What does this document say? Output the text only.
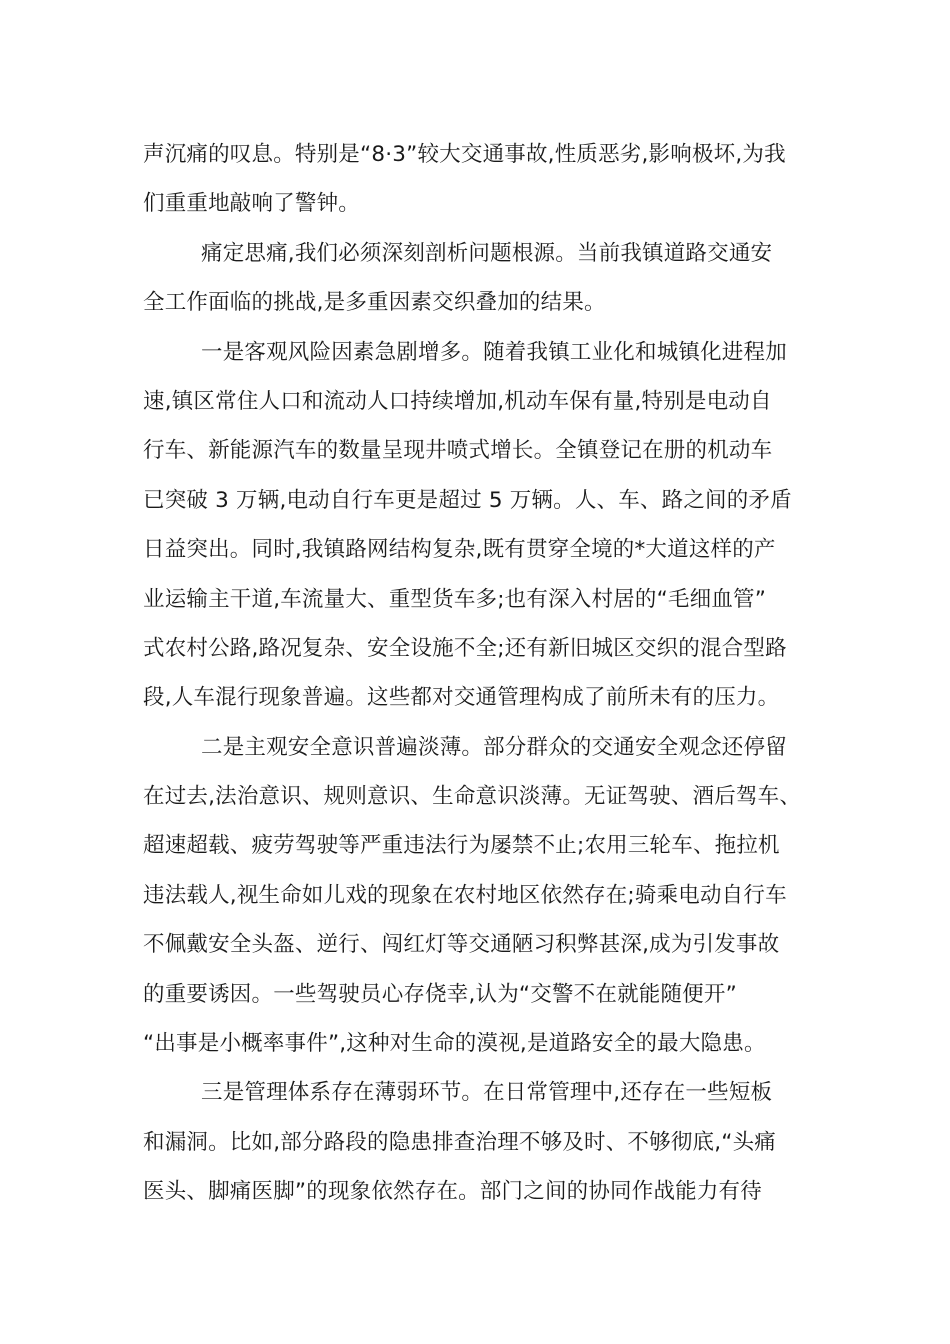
声沉痛的叹息。特别是“8·3”较大交通事故,性质恶劣,影响极坏,为我
们重重地敲响了警钟。
痛定思痛,我们必须深刻剖析问题根源。当前我镇道路交通安
全工作面临的挑战,是多重因素交织叠加的结果。
一是客观风险因素急剧增多。随着我镇工业化和城镇化进程加
速,镇区常住人口和流动人口持续增加,机动车保有量,特别是电动自
行车、新能源汽车的数量呈现井喷式增长。全镇登记在册的机动车
已突破 3 万辆,电动自行车更是超过 5 万辆。人、车、路之间的矛盾
日益突出。同时,我镇路网结构复杂,既有贯穿全境的*大道这样的产
业运输主干道,车流量大、重型货车多;也有深入村居的“毛细血管”
式农村公路,路况复杂、安全设施不全;还有新旧城区交织的混合型路
段,人车混行现象普遍。这些都对交通管理构成了前所未有的压力。
二是主观安全意识普遍淡薄。部分群众的交通安全观念还停留
在过去,法治意识、规则意识、生命意识淡薄。无证驾驶、酒后驾车、
超速超载、疲劳驾驶等严重违法行为屡禁不止;农用三轮车、拖拉机
违法载人,视生命如儿戏的现象在农村地区依然存在;骑乘电动自行车
不佩戴安全头盔、逆行、闯红灯等交通陋习积弊甚深,成为引发事故
的重要诱因。一些驾驶员心存侥幸,认为“交警不在就能随便开”
“出事是小概率事件”,这种对生命的漠视,是道路安全的最大隐患。
三是管理体系存在薄弱环节。在日常管理中,还存在一些短板
和漏洞。比如,部分路段的隐患排查治理不够及时、不够彻底,“头痛
医头、脚痛医脚”的现象依然存在。部门之间的协同作战能力有待
